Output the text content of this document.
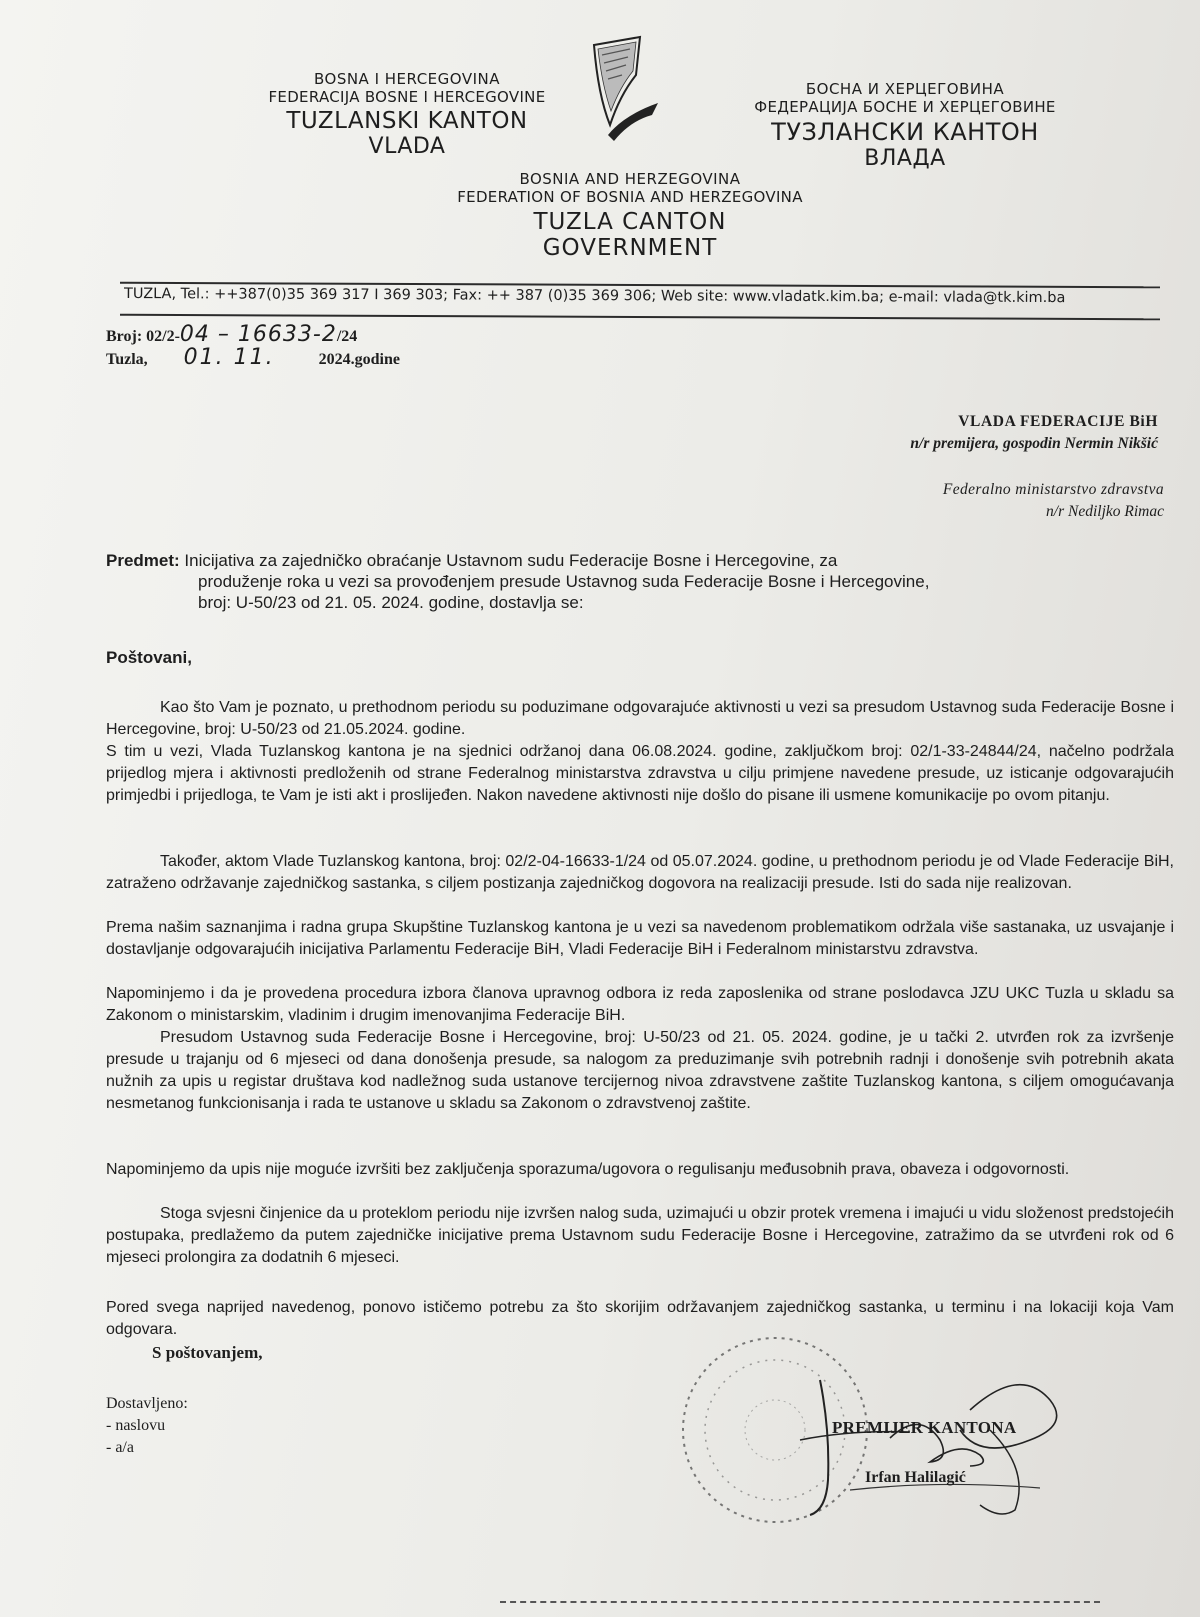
BOSNA I HERCEGOVINA
FEDERACIJA BOSNE I HERCEGOVINE
TUZLANSKI KANTON
VLADA
БОСНА И ХЕРЦЕГОВИНА
ФЕДЕРАЦИЈА БОСНЕ И ХЕРЦЕГОВИНЕ
ТУЗЛАНСКИ КАНТОН
ВЛАДА
BOSNIA AND HERZEGOVINA
FEDERATION OF BOSNIA AND HERZEGOVINA
TUZLA CANTON
GOVERNMENT
TUZLA, Tel.: ++387(0)35 369 317 I 369 303; Fax: ++ 387 (0)35 369 306; Web site: www.vladatk.kim.ba; e-mail: vlada@tk.kim.ba
Broj: 02/2-04 – 16633-2/24
Tuzla, 01. 11.	2024.godine
VLADA FEDERACIJE BiH
n/r premijera, gospodin Nermin Nikšić
Federalno ministarstvo zdravstva
n/r Nediljko Rimac
Predmet: Inicijativa za zajedničko obraćanje Ustavnom sudu Federacije Bosne i Hercegovine, za
produženje roka u vezi sa provođenjem presude Ustavnog suda Federacije Bosne i Hercegovine,
broj: U-50/23 od 21. 05. 2024. godine, dostavlja se:
Poštovani,
Kao što Vam je poznato, u prethodnom periodu su poduzimane odgovarajuće aktivnosti u vezi sa presudom Ustavnog suda Federacije Bosne i Hercegovine, broj: U-50/23 od 21.05.2024. godine.
S tim u vezi, Vlada Tuzlanskog kantona je na sjednici održanoj dana 06.08.2024. godine, zaključkom broj: 02/1-33-24844/24, načelno podržala prijedlog mjera i aktivnosti predloženih od strane Federalnog ministarstva zdravstva u cilju primjene navedene presude, uz isticanje odgovarajućih primjedbi i prijedloga, te Vam je isti akt i proslijeđen. Nakon navedene aktivnosti nije došlo do pisane ili usmene komunikacije po ovom pitanju.
Također, aktom Vlade Tuzlanskog kantona, broj: 02/2-04-16633-1/24 od 05.07.2024. godine, u prethodnom periodu je od Vlade Federacije BiH, zatraženo održavanje zajedničkog sastanka, s ciljem postizanja zajedničkog dogovora na realizaciji presude. Isti do sada nije realizovan.
Prema našim saznanjima i radna grupa Skupštine Tuzlanskog kantona je u vezi sa navedenom problematikom održala više sastanaka, uz usvajanje i dostavljanje odgovarajućih inicijativa Parlamentu Federacije BiH, Vladi Federacije BiH i Federalnom ministarstvu zdravstva.
Napominjemo i da je provedena procedura izbora članova upravnog odbora iz reda zaposlenika od strane poslodavca JZU UKC Tuzla u skladu sa Zakonom o ministarskim, vladinim i drugim imenovanjima Federacije BiH.
Presudom Ustavnog suda Federacije Bosne i Hercegovine, broj: U-50/23 od 21. 05. 2024. godine, je u tački 2. utvrđen rok za izvršenje presude u trajanju od 6 mjeseci od dana donošenja presude, sa nalogom za preduzimanje svih potrebnih radnji i donošenje svih potrebnih akata nužnih za upis u registar društava kod nadležnog suda ustanove tercijernog nivoa zdravstvene zaštite Tuzlanskog kantona, s ciljem omogućavanja nesmetanog funkcionisanja i rada te ustanove u skladu sa Zakonom o zdravstvenoj zaštite.
Napominjemo da upis nije moguće izvršiti bez zaključenja sporazuma/ugovora o regulisanju međusobnih prava, obaveza i odgovornosti.
Stoga svjesni činjenice da u proteklom periodu nije izvršen nalog suda, uzimajući u obzir protek vremena i imajući u vidu složenost predstojećih postupaka, predlažemo da putem zajedničke inicijative prema Ustavnom sudu Federacije Bosne i Hercegovine, zatražimo da se utvrđeni rok od 6 mjeseci prolongira za dodatnih 6 mjeseci.
Pored svega naprijed navedenog, ponovo ističemo potrebu za što skorijim održavanjem zajedničkog sastanka, u terminu i na lokaciji koja Vam odgovara.
S poštovanjem,
Dostavljeno:
- naslovu
- a/a
PREMIJER KANTONA
Irfan Halilagić
